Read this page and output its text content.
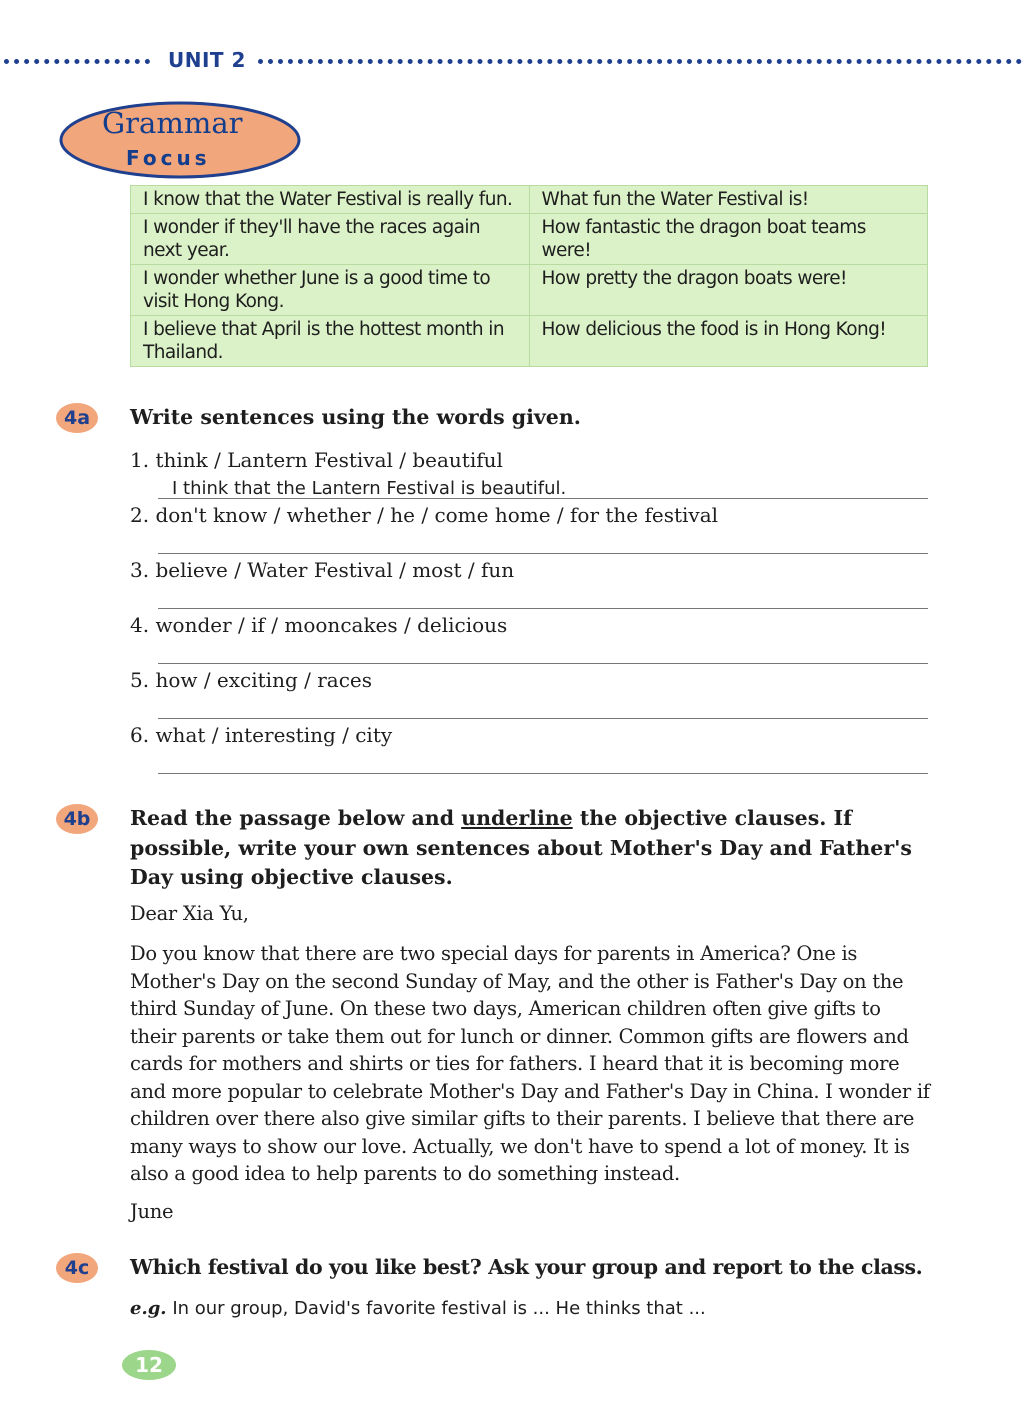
UNIT 2
Grammar
Focus
I know that the Water Festival is really fun.	What fun the Water Festival is!
I wonder if they'll have the races again next year.	How fantastic the dragon boat teams were!
I wonder whether June is a good time to visit Hong Kong.	How pretty the dragon boats were!
I believe that April is the hottest month in Thailand.	How delicious the food is in Hong Kong!
4a	Write sentences using the words given.
1. think / Lantern Festival / beautiful
I think that the Lantern Festival is beautiful.
2. don't know / whether / he / come home / for the festival
3. believe / Water Festival / most / fun
4. wonder / if / mooncakes / delicious
5. how / exciting / races
6. what / interesting / city
4b	Read the passage below and underline the objective clauses. If possible, write your own sentences about Mother's Day and Father's Day using objective clauses.
Dear Xia Yu,
Do you know that there are two special days for parents in America? One is Mother's Day on the second Sunday of May, and the other is Father's Day on the third Sunday of June. On these two days, American children often give gifts to their parents or take them out for lunch or dinner. Common gifts are flowers and cards for mothers and shirts or ties for fathers. I heard that it is becoming more and more popular to celebrate Mother's Day and Father's Day in China. I wonder if children over there also give similar gifts to their parents. I believe that there are many ways to show our love. Actually, we don't have to spend a lot of money. It is also a good idea to help parents to do something instead.
June
4c	Which festival do you like best? Ask your group and report to the class.
e.g. In our group, David's favorite festival is ... He thinks that ...
12
